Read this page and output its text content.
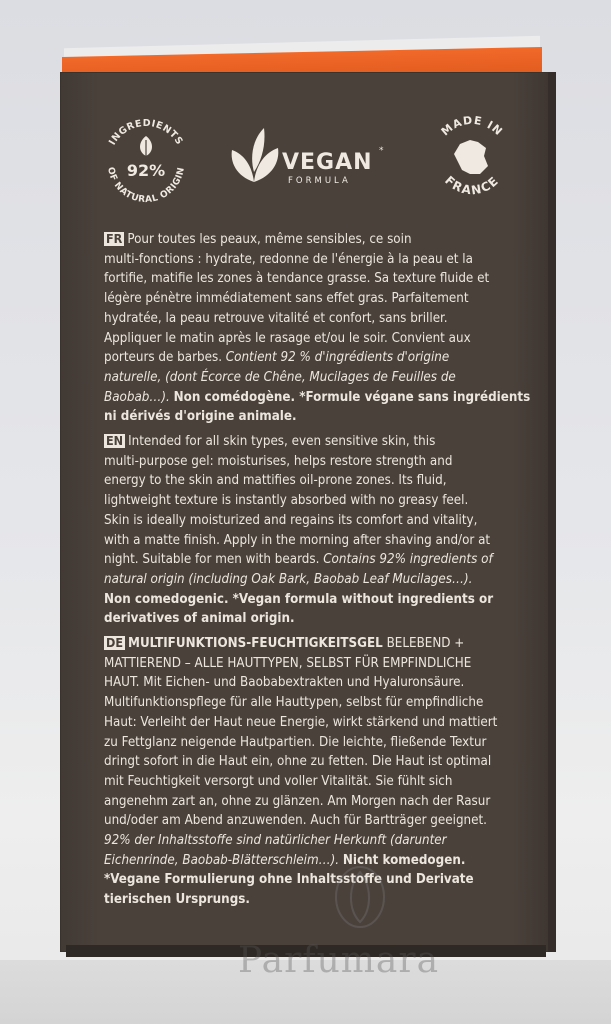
INGREDIENTS
OF NATURAL ORIGIN
92%	VEGAN *
FORMULA
MADE IN
FRANCE
FR Pour toutes les peaux, même sensibles, ce soin
multi-fonctions : hydrate, redonne de l'énergie à la peau et la
fortifie, matifie les zones à tendance grasse. Sa texture fluide et
légère pénètre immédiatement sans effet gras. Parfaitement
hydratée, la peau retrouve vitalité et confort, sans briller.
Appliquer le matin après le rasage et/ou le soir. Convient aux
porteurs de barbes. Contient 92 % d'ingrédients d'origine
naturelle, (dont Écorce de Chêne, Mucilages de Feuilles de
Baobab…). Non comédogène. *Formule végane sans ingrédients
ni dérivés d'origine animale.
EN Intended for all skin types, even sensitive skin, this
multi-purpose gel: moisturises, helps restore strength and
energy to the skin and mattifies oil-prone zones. Its fluid,
lightweight texture is instantly absorbed with no greasy feel.
Skin is ideally moisturized and regains its comfort and vitality,
with a matte finish. Apply in the morning after shaving and/or at
night. Suitable for men with beards. Contains 92% ingredients of
natural origin (including Oak Bark, Baobab Leaf Mucilages…).
Non comedogenic. *Vegan formula without ingredients or
derivatives of animal origin.
DE MULTIFUNKTIONS-FEUCHTIGKEITSGEL BELEBEND +
MATTIEREND – ALLE HAUTTYPEN, SELBST FÜR EMPFINDLICHE
HAUT. Mit Eichen- und Baobabextrakten und Hyaluronsäure.
Multifunktionspflege für alle Hauttypen, selbst für empfindliche
Haut: Verleiht der Haut neue Energie, wirkt stärkend und mattiert
zu Fettglanz neigende Hautpartien. Die leichte, fließende Textur
dringt sofort in die Haut ein, ohne zu fetten. Die Haut ist optimal
mit Feuchtigkeit versorgt und voller Vitalität. Sie fühlt sich
angenehm zart an, ohne zu glänzen. Am Morgen nach der Rasur
und/oder am Abend anzuwenden. Auch für Bartträger geeignet.
92% der Inhaltsstoffe sind natürlicher Herkunft (darunter
Eichenrinde, Baobab-Blätterschleim…). Nicht komedogen.
*Vegane Formulierung ohne Inhaltsstoffe und Derivate
tierischen Ursprungs.
Parfumara
